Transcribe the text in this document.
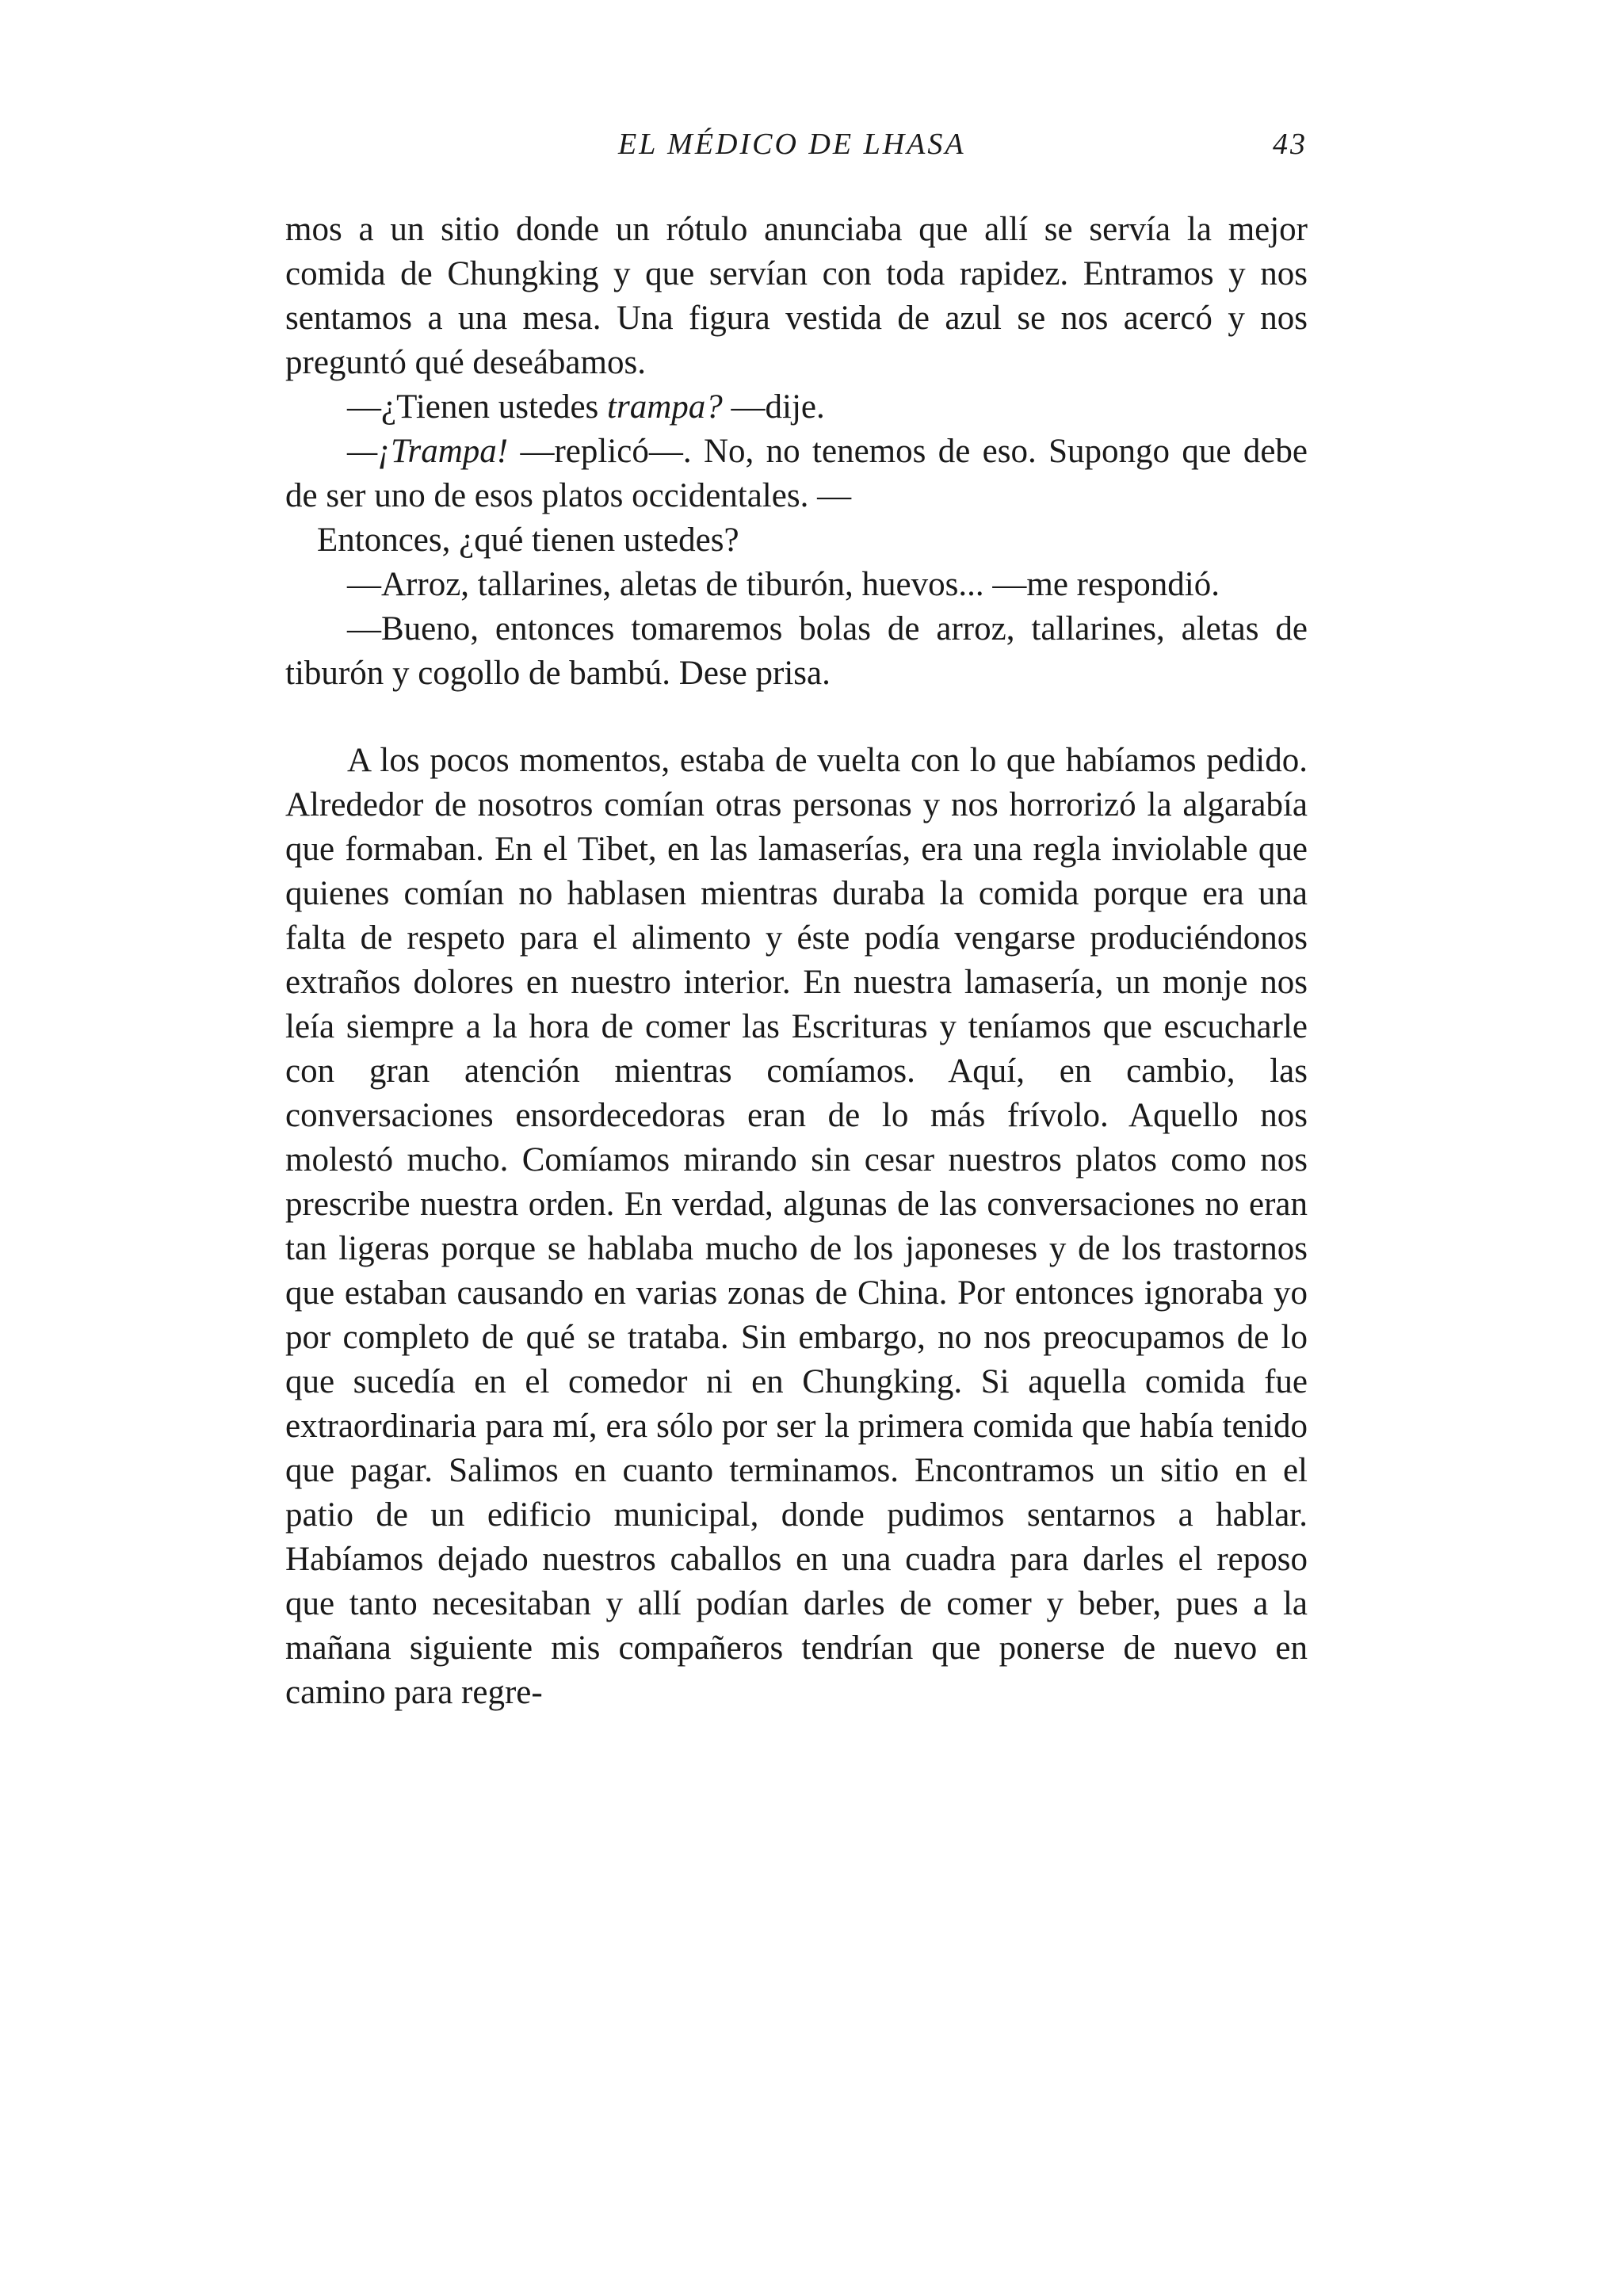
EL MÉDICO DE LHASA	43

mos a un sitio donde un rótulo anunciaba que allí se servía la mejor comida de Chungking y que servían con toda rapidez. Entramos y nos sentamos a una mesa. Una figura vestida de azul se nos acercó y nos preguntó qué deseábamos.

—¿Tienen ustedes trampa? —dije.

—¡Trampa! —replicó—. No, no tenemos de eso. Supongo que debe de ser uno de esos platos occidentales. —

Entonces, ¿qué tienen ustedes?

—Arroz, tallarines, aletas de tiburón, huevos... —me respondió.

—Bueno, entonces tomaremos bolas de arroz, tallarines, aletas de tiburón y cogollo de bambú. Dese prisa.

A los pocos momentos, estaba de vuelta con lo que habíamos pedido. Alrededor de nosotros comían otras personas y nos horrorizó la algarabía que formaban. En el Tibet, en las lamaserías, era una regla inviolable que quienes comían no hablasen mientras duraba la comida porque era una falta de respeto para el alimento y éste podía vengarse produciéndonos extraños dolores en nuestro interior. En nuestra lamasería, un monje nos leía siempre a la hora de comer las Escrituras y teníamos que escucharle con gran atención mientras comíamos. Aquí, en cambio, las conversaciones ensordecedoras eran de lo más frívolo. Aquello nos molestó mucho. Comíamos mirando sin cesar nuestros platos como nos prescribe nuestra orden. En verdad, algunas de las conversaciones no eran tan ligeras porque se hablaba mucho de los japoneses y de los trastornos que estaban causando en varias zonas de China. Por entonces ignoraba yo por completo de qué se trataba. Sin embargo, no nos preocupamos de lo que sucedía en el comedor ni en Chungking. Si aquella comida fue extraordinaria para mí, era sólo por ser la primera comida que había tenido que pagar. Salimos en cuanto terminamos. Encontramos un sitio en el patio de un edificio municipal, donde pudimos sentarnos a hablar. Habíamos dejado nuestros caballos en una cuadra para darles el reposo que tanto necesitaban y allí podían darles de comer y beber, pues a la mañana siguiente mis compañeros tendrían que ponerse de nuevo en camino para regre-
